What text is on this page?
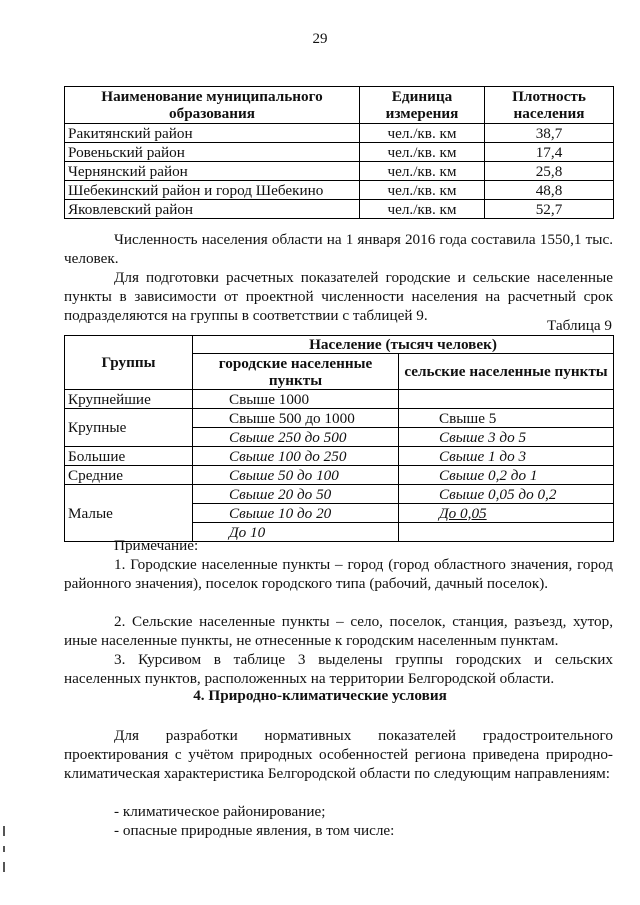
29
Наименование муниципального образования	Единица измерения	Плотность населения
Ракитянский район	чел./кв. км	38,7
Ровеньский район	чел./кв. км	17,4
Чернянский район	чел./кв. км	25,8
Шебекинский район и город Шебекино	чел./кв. км	48,8
Яковлевский район	чел./кв. км	52,7
Численность населения области на 1 января 2016 года составила 1550,1 тыс. человек.
Для подготовки расчетных показателей городские и сельские населенные пункты в зависимости от проектной численности населения на расчетный срок подразделяются на группы в соответствии с таблицей 9.
Таблица 9
Группы	Население (тысяч человек)	
	городские населенные пункты	сельские населенные пункты
Крупнейшие	Свыше 1000	
Крупные	Свыше 500 до 1000	Свыше 5
	Свыше 250 до 500	Свыше 3 до 5
Большие	Свыше 100 до 250	Свыше 1 до 3
Средние	Свыше 50 до 100	Свыше 0,2 до 1
Малые	Свыше 20 до 50	Свыше 0,05 до 0,2
	Свыше 10 до 20	До 0,05
	До 10	
Примечание:
1. Городские населенные пункты – город (город областного значения, город районного значения), поселок городского типа (рабочий, дачный поселок).
2. Сельские населенные пункты – село, поселок, станция, разъезд, хутор, иные населенные пункты, не отнесенные к городским населенным пунктам.
3. Курсивом в таблице 3 выделены группы городских и сельских населенных пунктов, расположенных на территории Белгородской области.
4. Природно-климатические условия
Для разработки нормативных показателей градостроительного проектирования с учётом природных особенностей региона приведена природно-климатическая характеристика Белгородской области по следующим направлениям:
- климатическое районирование;
- опасные природные явления, в том числе:
